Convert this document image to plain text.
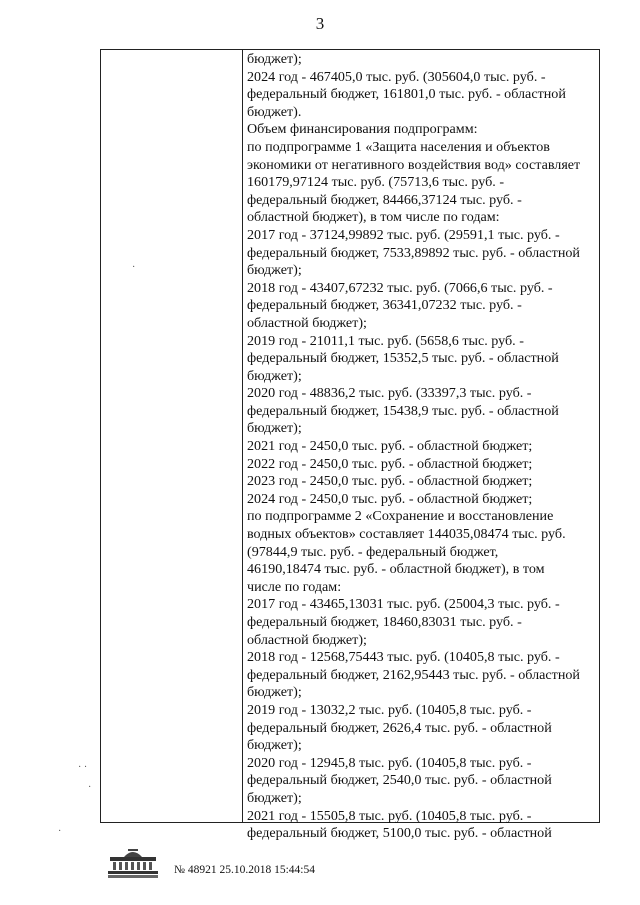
3
бюджет);
2024 год - 467405,0 тыс. руб. (305604,0 тыс. руб. -
федеральный бюджет, 161801,0 тыс. руб. - областной
бюджет).
Объем финансирования подпрограмм:
по подпрограмме 1 «Защита населения и объектов
экономики от негативного воздействия вод» составляет
160179,97124 тыс. руб. (75713,6 тыс. руб. -
федеральный бюджет, 84466,37124 тыс. руб. -
областной бюджет), в том числе по годам:
2017 год - 37124,99892 тыс. руб. (29591,1 тыс. руб. -
федеральный бюджет, 7533,89892 тыс. руб. - областной
бюджет);
2018 год - 43407,67232 тыс. руб. (7066,6 тыс. руб. -
федеральный бюджет, 36341,07232 тыс. руб. -
областной бюджет);
2019 год - 21011,1 тыс. руб. (5658,6 тыс. руб. -
федеральный бюджет, 15352,5 тыс. руб. - областной
бюджет);
2020 год - 48836,2 тыс. руб. (33397,3 тыс. руб. -
федеральный бюджет, 15438,9 тыс. руб. - областной
бюджет);
2021 год - 2450,0 тыс. руб. - областной бюджет;
2022 год - 2450,0 тыс. руб. - областной бюджет;
2023 год - 2450,0 тыс. руб. - областной бюджет;
2024 год - 2450,0 тыс. руб. - областной бюджет;
по подпрограмме 2 «Сохранение и восстановление
водных объектов» составляет 144035,08474 тыс. руб.
(97844,9 тыс. руб. - федеральный бюджет,
46190,18474 тыс. руб. - областной бюджет), в том
числе по годам:
2017 год - 43465,13031 тыс. руб. (25004,3 тыс. руб. -
федеральный бюджет, 18460,83031 тыс. руб. -
областной бюджет);
2018 год - 12568,75443 тыс. руб. (10405,8 тыс. руб. -
федеральный бюджет, 2162,95443 тыс. руб. - областной
бюджет);
2019 год - 13032,2 тыс. руб. (10405,8 тыс. руб. -
федеральный бюджет, 2626,4 тыс. руб. - областной
бюджет);
2020 год - 12945,8 тыс. руб. (10405,8 тыс. руб. -
федеральный бюджет, 2540,0 тыс. руб. - областной
бюджет);
2021 год - 15505,8 тыс. руб. (10405,8 тыс. руб. -
федеральный бюджет, 5100,0 тыс. руб. - областной
·
· ·
·
·
№ 48921 25.10.2018 15:44:54
